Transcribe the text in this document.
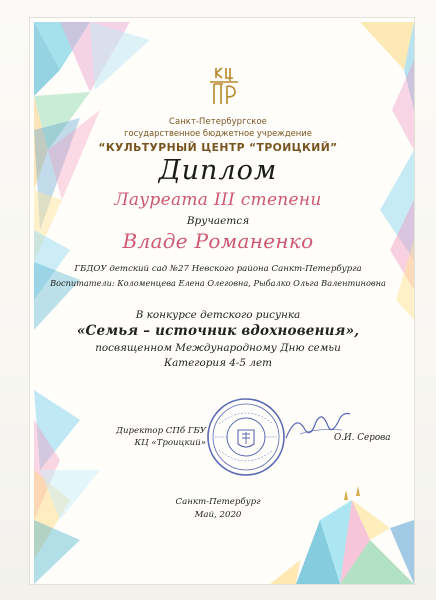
Санкт-Петербургское
государственное бюджетное учреждение
“КУЛЬТУРНЫЙ ЦЕНТР “ТРОИЦКИЙ”
Диплом
Лауреата III степени
Вручается
Владе Романенко
ГБДОУ детский сад №27 Невского района Санкт-Петербурга
Воспитатели: Коломенцева Елена Олеговна, Рыбалко Ольга Валентиновна
В конкурсе детского рисунка
«Семья – источник вдохновения»,
посвященном Международному Дню семьи
Категория 4-5 лет
Директор СПб ГБУ
КЦ «Троицкий»	О.И. Серова
Санкт-Петербург
Май, 2020
